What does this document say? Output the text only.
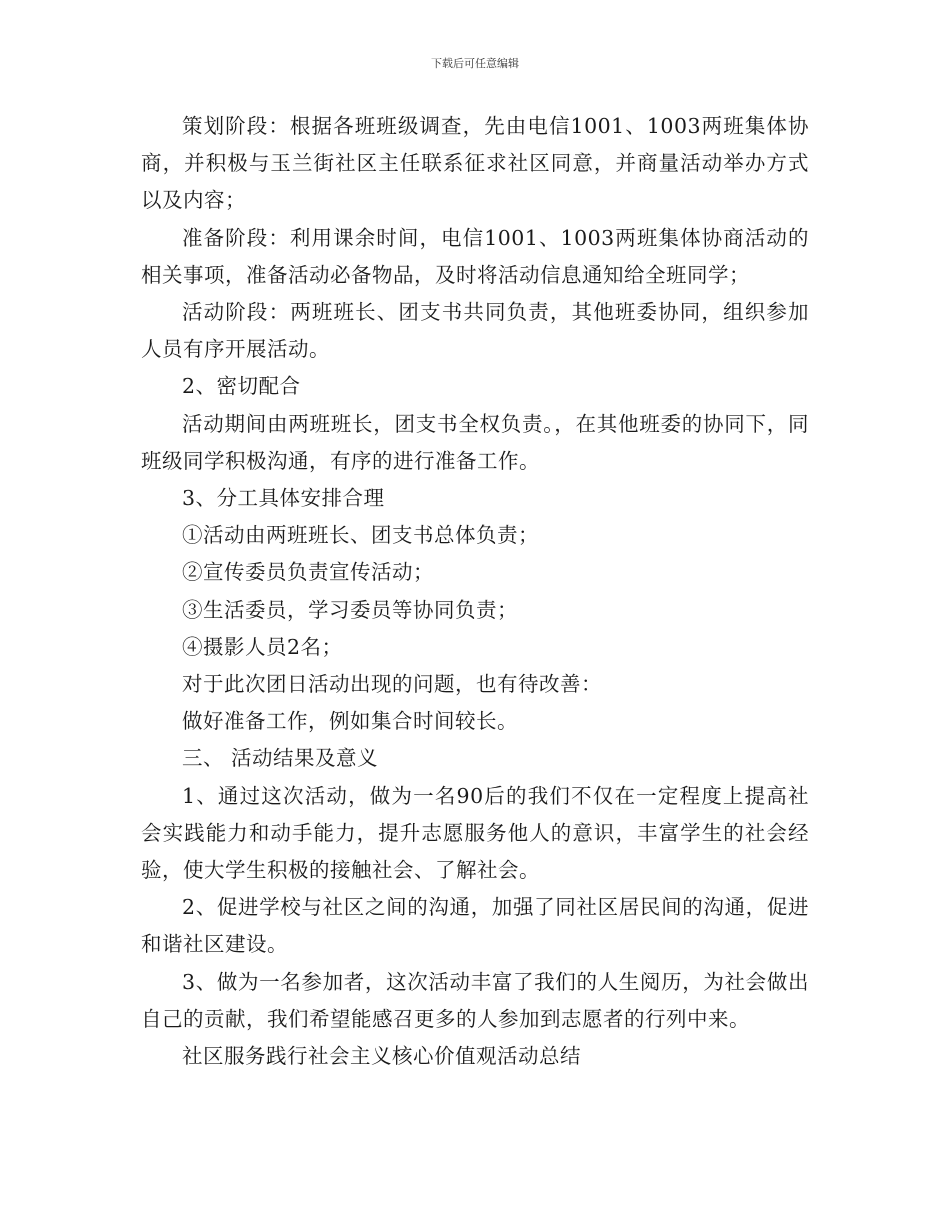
下载后可任意编辑

策划阶段：根据各班班级调查，先由电信1001、1003两班集体协商，并积极与玉兰街社区主任联系征求社区同意，并商量活动举办方式以及内容；

准备阶段：利用课余时间，电信1001、1003两班集体协商活动的相关事项，准备活动必备物品，及时将活动信息通知给全班同学；

活动阶段：两班班长、团支书共同负责，其他班委协同，组织参加人员有序开展活动。

2、密切配合

活动期间由两班班长，团支书全权负责。，在其他班委的协同下，同班级同学积极沟通，有序的进行准备工作。

3、分工具体安排合理

①活动由两班班长、团支书总体负责；

②宣传委员负责宣传活动；

③生活委员，学习委员等协同负责；

④摄影人员2名；

对于此次团日活动出现的问题，也有待改善：

做好准备工作，例如集合时间较长。

三、 活动结果及意义

1、通过这次活动，做为一名90后的我们不仅在一定程度上提高社会实践能力和动手能力，提升志愿服务他人的意识，丰富学生的社会经验，使大学生积极的接触社会、了解社会。

2、促进学校与社区之间的沟通，加强了同社区居民间的沟通，促进和谐社区建设。

3、做为一名参加者，这次活动丰富了我们的人生阅历，为社会做出自己的贡献，我们希望能感召更多的人参加到志愿者的行列中来。

社区服务践行社会主义核心价值观活动总结
